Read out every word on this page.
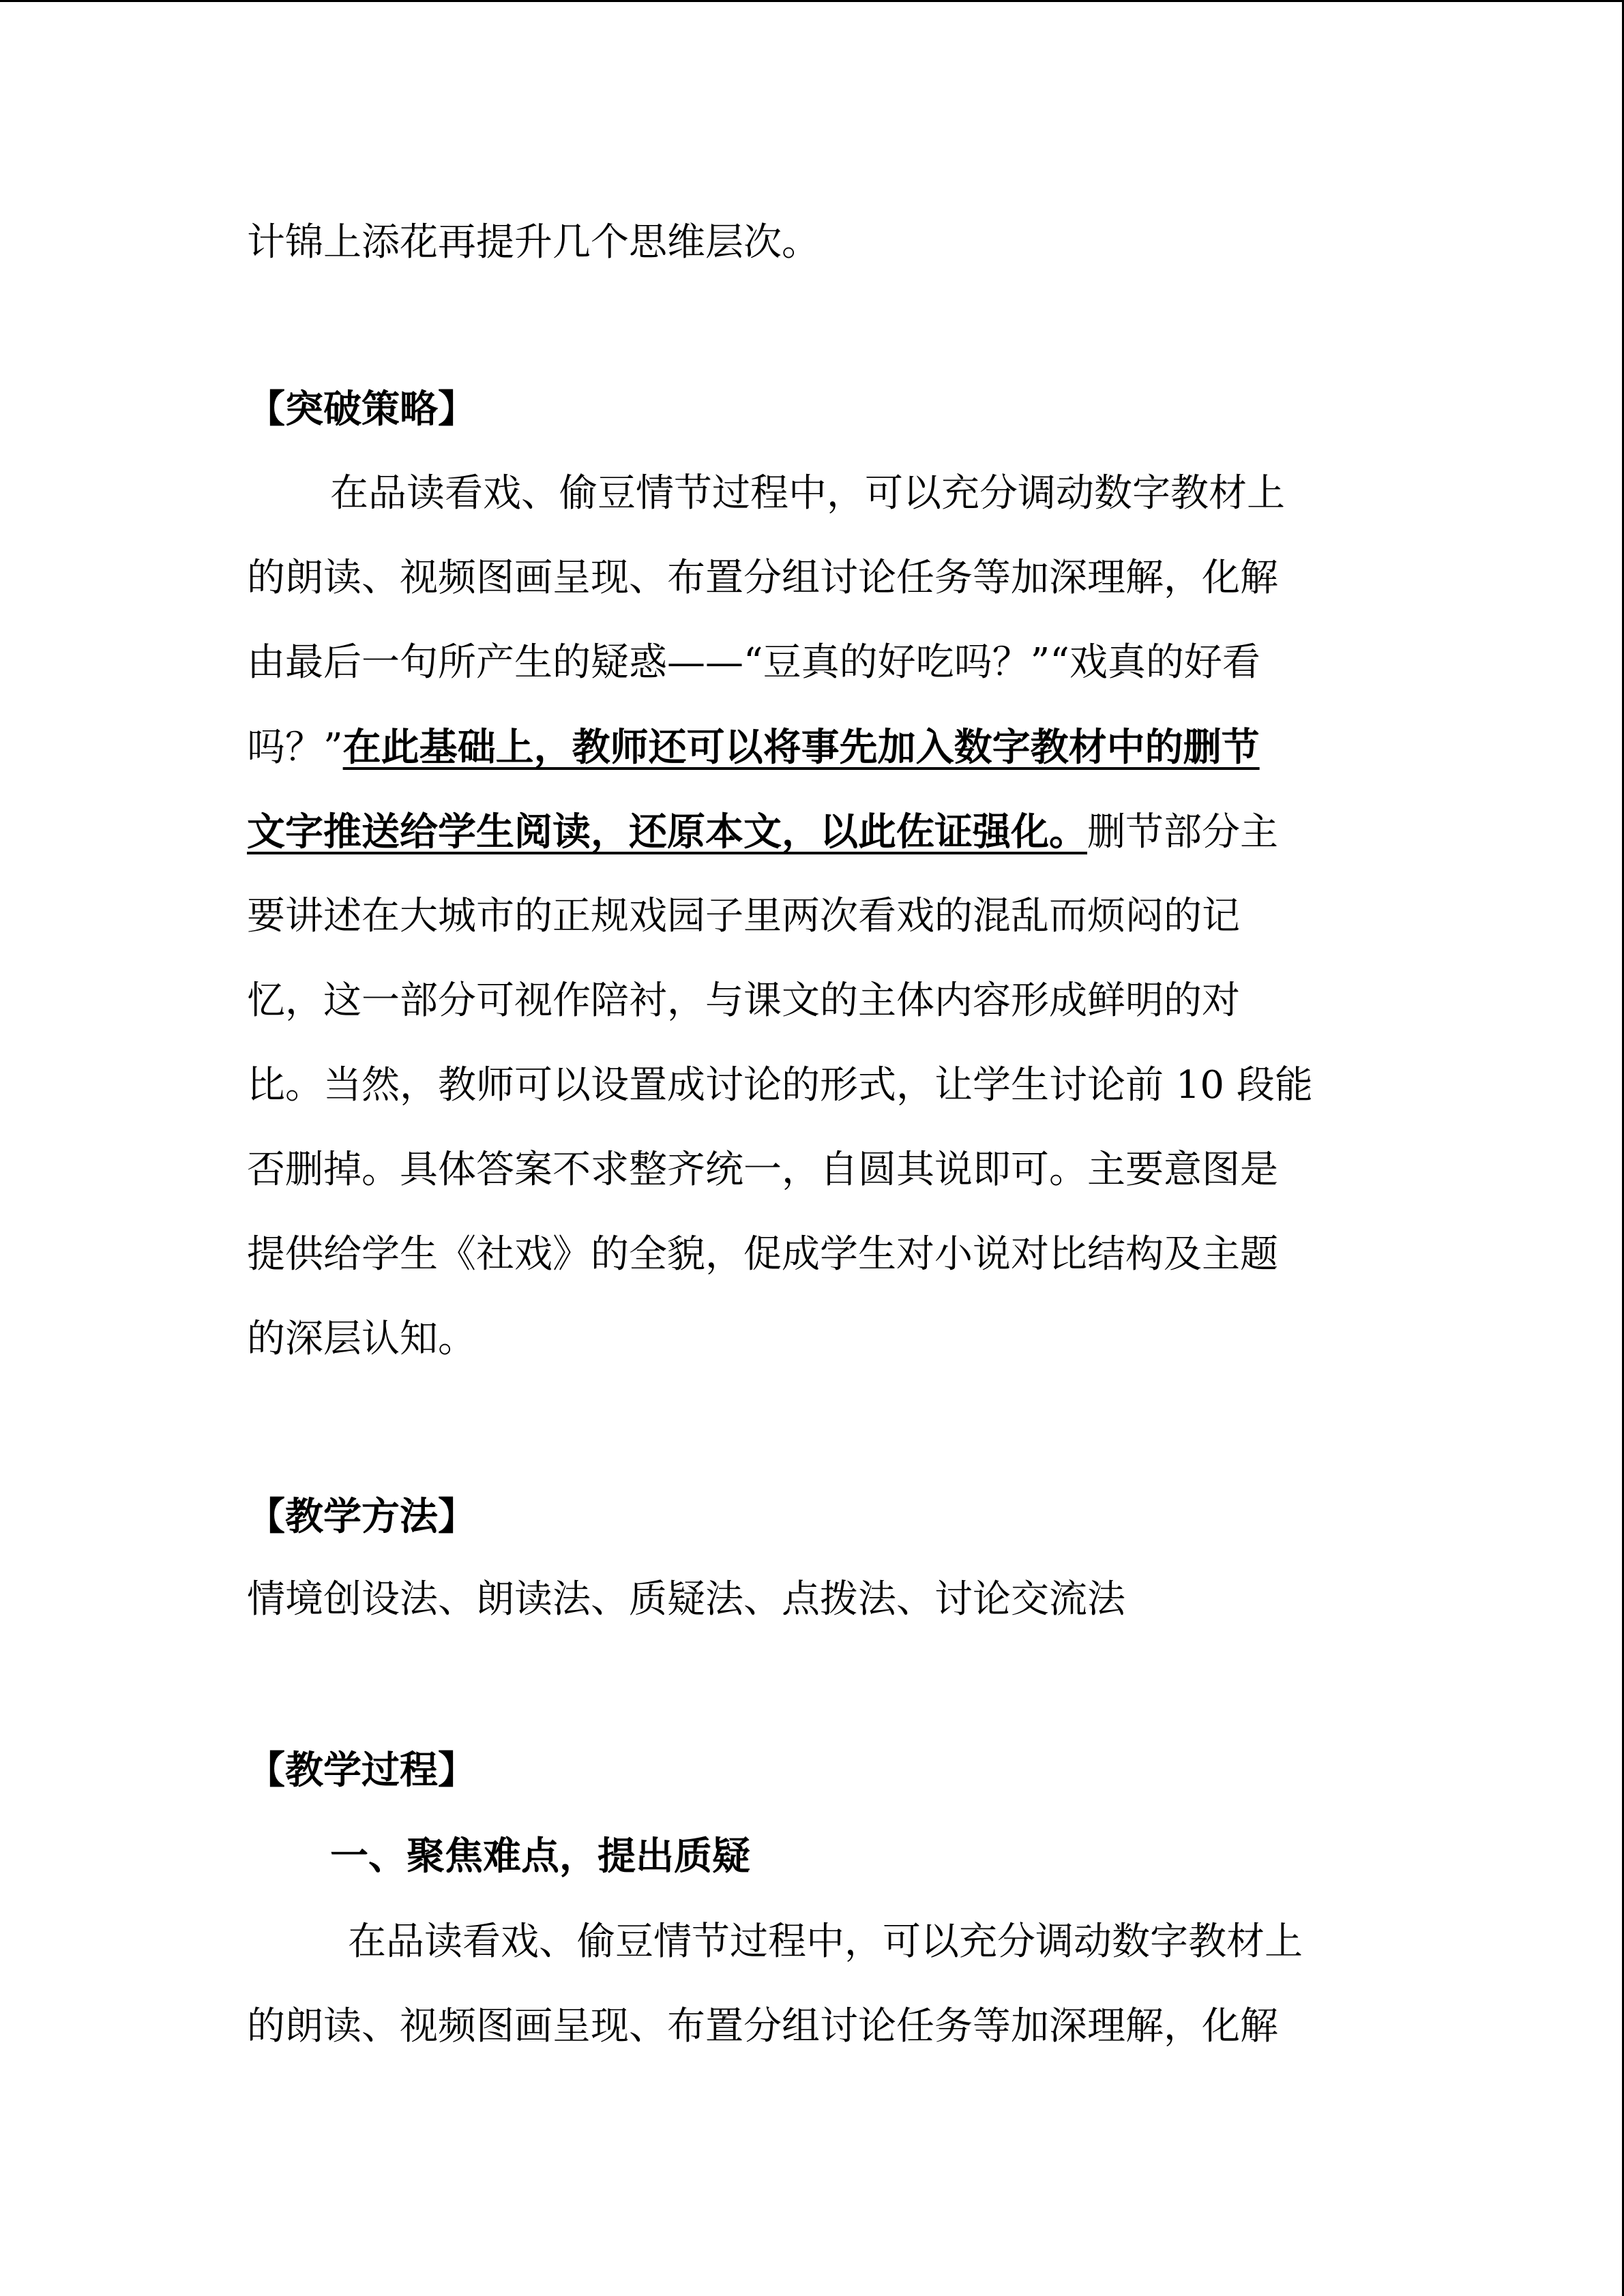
计锦上添花再提升几个思维层次。
【突破策略】
在品读看戏、偷豆情节过程中，可以充分调动数字教材上
的朗读、视频图画呈现、布置分组讨论任务等加深理解，化解
由最后一句所产生的疑惑——“豆真的好吃吗？”“戏真的好看
吗？”在此基础上，教师还可以将事先加入数字教材中的删节
文字推送给学生阅读，还原本文，以此佐证强化。删节部分主
要讲述在大城市的正规戏园子里两次看戏的混乱而烦闷的记
忆，这一部分可视作陪衬，与课文的主体内容形成鲜明的对
比。当然，教师可以设置成讨论的形式，让学生讨论前 10 段能
否删掉。具体答案不求整齐统一，自圆其说即可。主要意图是
提供给学生《社戏》的全貌，促成学生对小说对比结构及主题
的深层认知。
【教学方法】
情境创设法、朗读法、质疑法、点拨法、讨论交流法
【教学过程】
一、聚焦难点，提出质疑
在品读看戏、偷豆情节过程中，可以充分调动数字教材上
的朗读、视频图画呈现、布置分组讨论任务等加深理解，化解
